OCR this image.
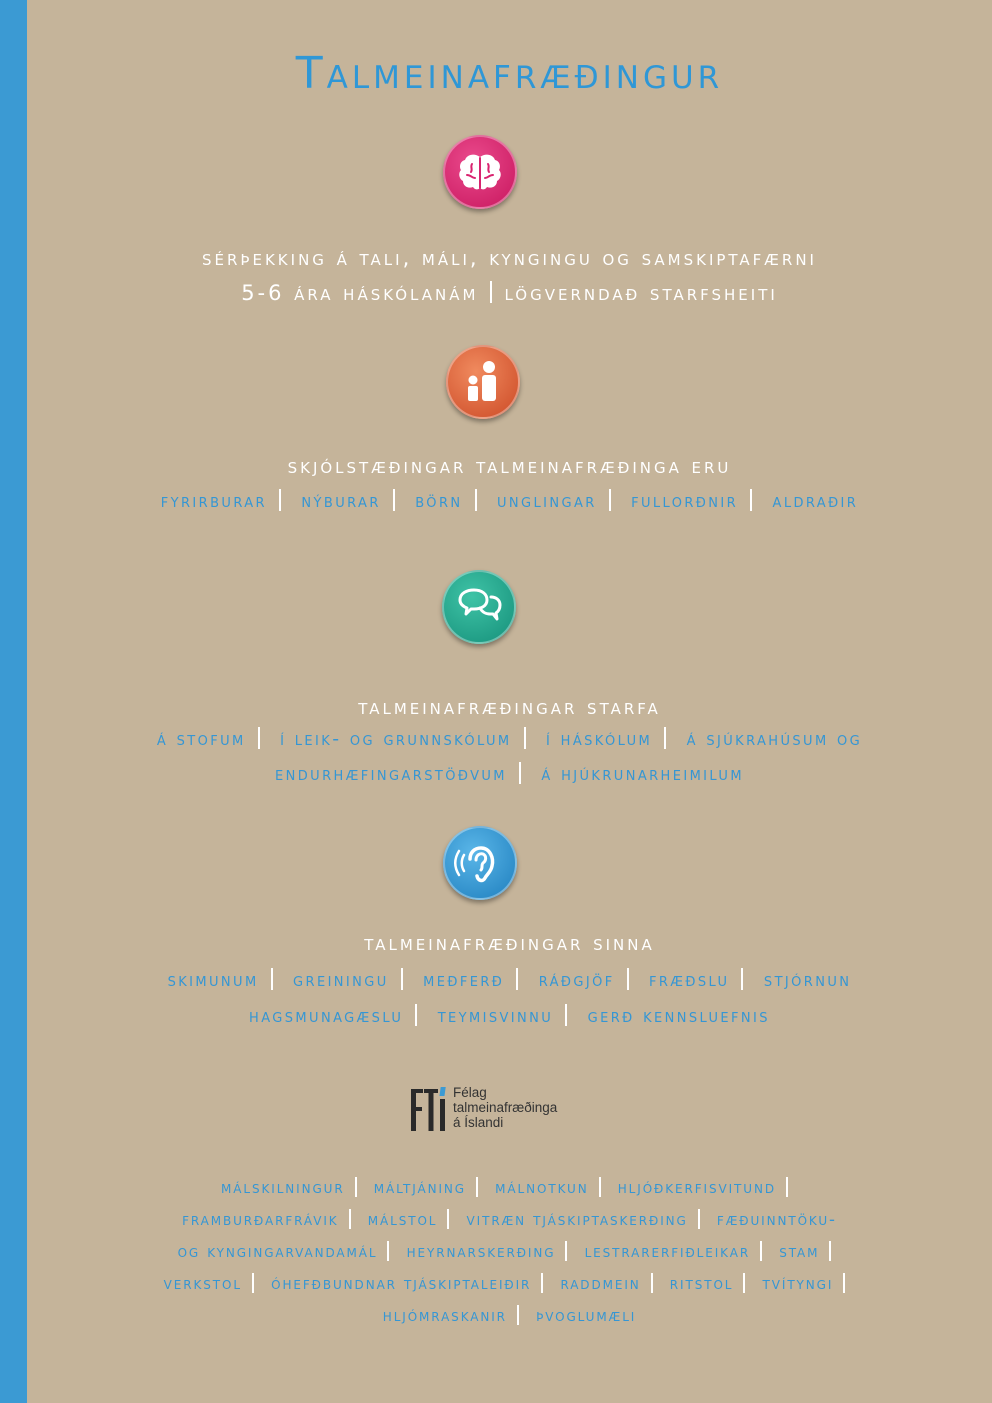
Talmeinafræðingur
sérþekking á tali, máli, kyngingu og samskiptafærni
5-6 ára háskólanám lögverndað starfsheiti
skjólstæðingar talmeinafræðinga eru
fyrirburar nýburar börn unglingar fullorðnir aldraðir
talmeinafræðingar starfa
á stofum í leik- og grunnskólum í háskólum á sjúkrahúsum og
endurhæfingarstöðvum á hjúkrunarheimilum
talmeinafræðingar sinna
skimunum greiningu meðferð ráðgjöf fræðslu stjórnun
hagsmunagæslu teymisvinnu gerð kennsluefnis
Félag
talmeinafræðinga
á Íslandi
málskilningur máltjáning málnotkun hljóðkerfisvitund
framburðarfrávik málstol vitræn tjáskiptaskerðing fæðuinntöku-
og kyngingarvandamál heyrnarskerðing lestrarerfiðleikar stam
verkstol óhefðbundnar tjáskiptaleiðir raddmein ritstol tvítyngi
hljómraskanir þvoglumæli
